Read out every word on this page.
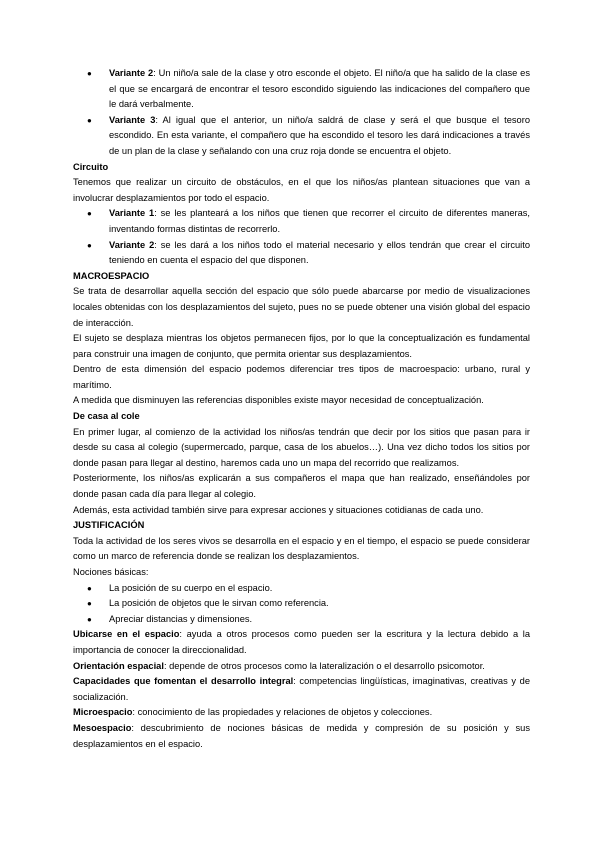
● Variante 2: Un niño/a sale de la clase y otro esconde el objeto. El niño/a que ha salido de la clase es el que se encargará de encontrar el tesoro escondido siguiendo las indicaciones del compañero que le dará verbalmente.
● Variante 3: Al igual que el anterior, un niño/a saldrá de clase y será el que busque el tesoro escondido. En esta variante, el compañero que ha escondido el tesoro les dará indicaciones a través de un plan de la clase y señalando con una cruz roja donde se encuentra el objeto.

Circuito

Tenemos que realizar un circuito de obstáculos, en el que los niños/as plantean situaciones que van a involucrar desplazamientos por todo el espacio.

● Variante 1: se les planteará a los niños que tienen que recorrer el circuito de diferentes maneras, inventando formas distintas de recorrerlo.
● Variante 2: se les dará a los niños todo el material necesario y ellos tendrán que crear el circuito teniendo en cuenta el espacio del que disponen.

MACROESPACIO

Se trata de desarrollar aquella sección del espacio que sólo puede abarcarse por medio de visualizaciones locales obtenidas con los desplazamientos del sujeto, pues no se puede obtener una visión global del espacio de interacción.

El sujeto se desplaza mientras los objetos permanecen fijos, por lo que la conceptualización es fundamental para construir una imagen de conjunto, que permita orientar sus desplazamientos.

Dentro de esta dimensión del espacio podemos diferenciar tres tipos de macroespacio: urbano, rural y marítimo.

A medida que disminuyen las referencias disponibles existe mayor necesidad de conceptualización.

De casa al cole

En primer lugar, al comienzo de la actividad los niños/as tendrán que decir por los sitios que pasan para ir desde su casa al colegio (supermercado, parque, casa de los abuelos…). Una vez dicho todos los sitios por donde pasan para llegar al destino, haremos cada uno un mapa del recorrido que realizamos.

Posteriormente, los niños/as explicarán a sus compañeros el mapa que han realizado, enseñándoles por donde pasan cada día para llegar al colegio.

Además, esta actividad también sirve para expresar acciones y situaciones cotidianas de cada uno.

JUSTIFICACIÓN

Toda la actividad de los seres vivos se desarrolla en el espacio y en el tiempo, el espacio se puede considerar como un marco de referencia donde se realizan los desplazamientos.

Nociones básicas:

● La posición de su cuerpo en el espacio.
● La posición de objetos que le sirvan como referencia.
● Apreciar distancias y dimensiones.

Ubicarse en el espacio: ayuda a otros procesos como pueden ser la escritura y la lectura debido a la importancia de conocer la direccionalidad.

Orientación espacial: depende de otros procesos como la lateralización o el desarrollo psicomotor.

Capacidades que fomentan el desarrollo integral: competencias lingüísticas, imaginativas, creativas y de socialización.

Microespacio: conocimiento de las propiedades y relaciones de objetos y colecciones.

Mesoespacio: descubrimiento de nociones básicas de medida y compresión de su posición y sus desplazamientos en el espacio.
